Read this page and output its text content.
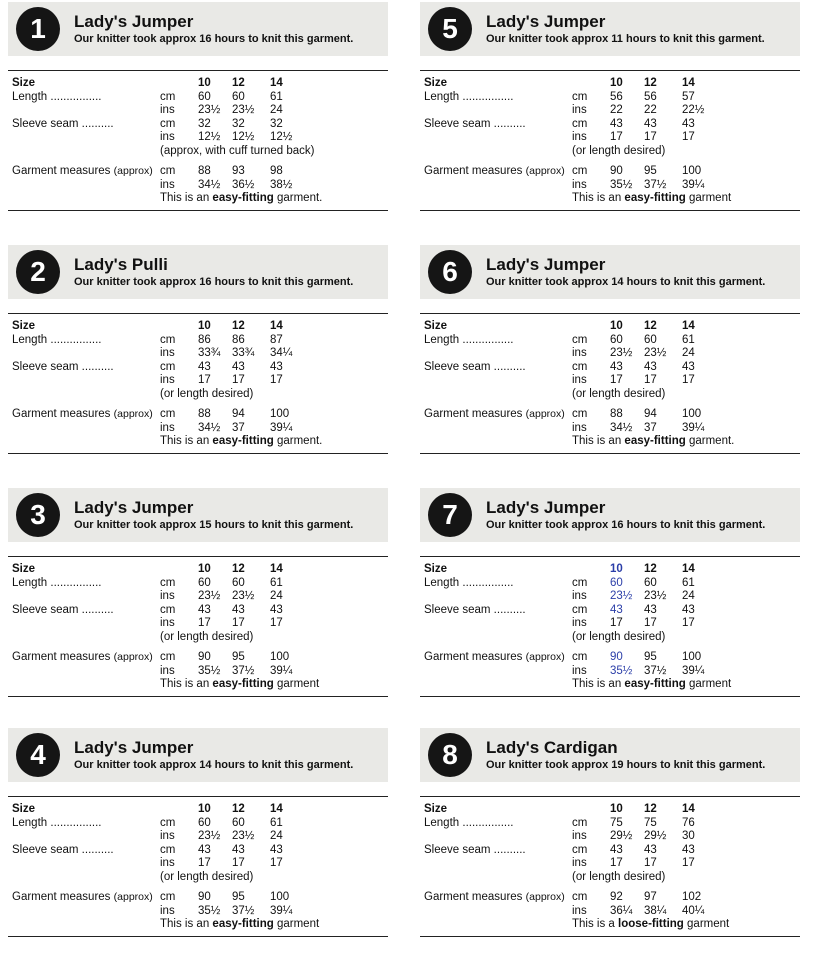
1	Lady's Jumper
Our knitter took approx 16 hours to knit this garment.
Size	10 12 14
Length ................	cm 60 60 61
ins 23½ 23½ 24
Sleeve seam ..........	cm 32 32 32
ins 12½ 12½ 12½
(approx, with cuff turned back)
Garment measures (approx) cm 88 93 98
ins 34½ 36½ 38½
This is an easy-fitting garment.
2	Lady's Pulli
Our knitter took approx 16 hours to knit this garment.
Size	10 12 14
Length ................	cm 86 86 87
ins 33¾ 33¾ 34¼
Sleeve seam ..........	cm 43 43 43
ins 17 17 17
(or length desired)
Garment measures (approx) cm 88 94 100
ins 34½ 37 39¼
This is an easy-fitting garment.
3	Lady's Jumper
Our knitter took approx 15 hours to knit this garment.
Size	10 12 14
Length ................	cm 60 60 61
ins 23½ 23½ 24
Sleeve seam ..........	cm 43 43 43
ins 17 17 17
(or length desired)
Garment measures (approx) cm 90 95 100
ins 35½ 37½ 39¼
This is an easy-fitting garment
4	Lady's Jumper
Our knitter took approx 14 hours to knit this garment.
Size	10 12 14
Length ................	cm 60 60 61
ins 23½ 23½ 24
Sleeve seam ..........	cm 43 43 43
ins 17 17 17
(or length desired)
Garment measures (approx) cm 90 95 100
ins 35½ 37½ 39¼
This is an easy-fitting garment
5	Lady's Jumper
Our knitter took approx 11 hours to knit this garment.
Size	10 12 14
Length ................	cm 56 56 57
ins 22 22 22½
Sleeve seam ..........	cm 43 43 43
ins 17 17 17
(or length desired)
Garment measures (approx) cm 90 95 100
ins 35½ 37½ 39¼
This is an easy-fitting garment
6	Lady's Jumper
Our knitter took approx 14 hours to knit this garment.
Size	10 12 14
Length ................	cm 60 60 61
ins 23½ 23½ 24
Sleeve seam ..........	cm 43 43 43
ins 17 17 17
(or length desired)
Garment measures (approx) cm 88 94 100
ins 34½ 37 39¼
This is an easy-fitting garment.
7	Lady's Jumper
Our knitter took approx 16 hours to knit this garment.
Size	10 12 14
Length ................	cm 60 60 61
ins 23½ 23½ 24
Sleeve seam ..........	cm 43 43 43
ins 17 17 17
(or length desired)
Garment measures (approx) cm 90 95 100
ins 35½ 37½ 39¼
This is an easy-fitting garment
8	Lady's Cardigan
Our knitter took approx 19 hours to knit this garment.
Size	10 12 14
Length ................	cm 75 75 76
ins 29½ 29½ 30
Sleeve seam ..........	cm 43 43 43
ins 17 17 17
(or length desired)
Garment measures (approx) cm 92 97 102
ins 36¼ 38¼ 40¼
This is a loose-fitting garment
